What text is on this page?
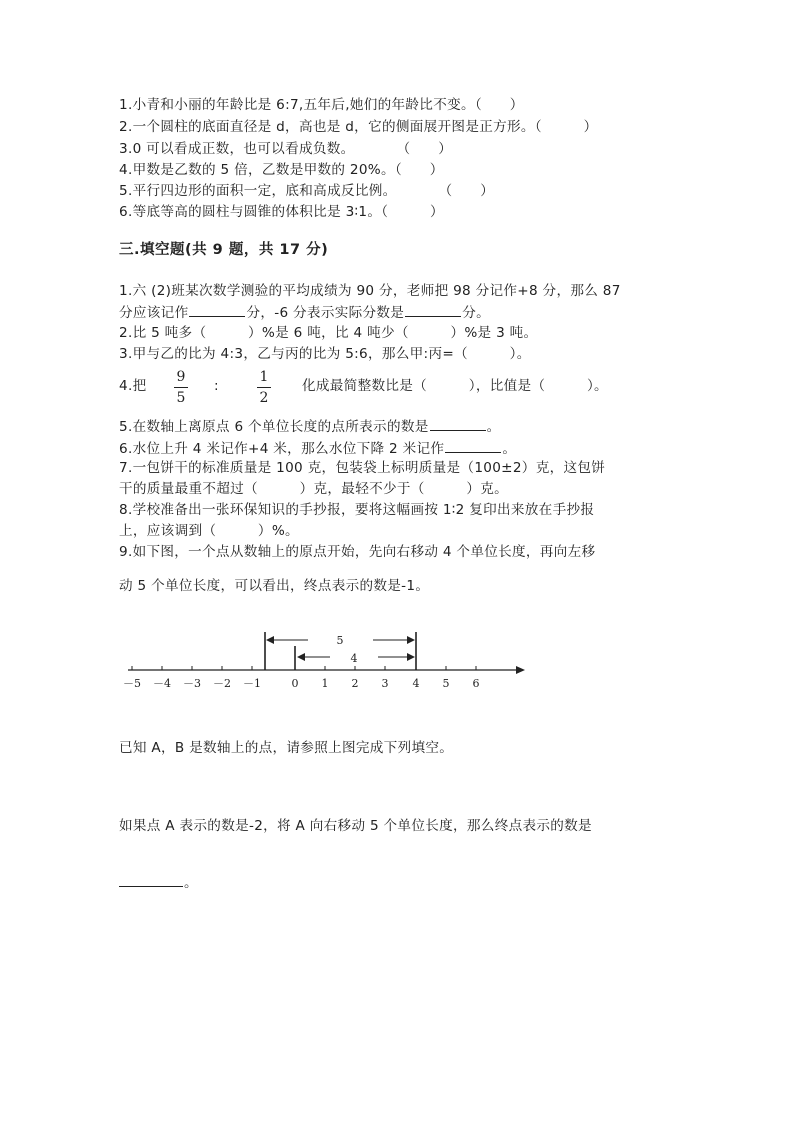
1.小青和小丽的年龄比是 6:7,五年后,她们的年龄比不变。（　　）
2.一个圆柱的底面直径是 d，高也是 d，它的侧面展开图是正方形。（　　　）
3.0 可以看成正数，也可以看成负数。　　　　（　　）
4.甲数是乙数的 5 倍，乙数是甲数的 20%。（　　）
5.平行四边形的面积一定，底和高成反比例。　　　　（　　）
6.等底等高的圆柱与圆锥的体积比是 3∶1。（　　　）
三.填空题(共 9 题，共 17 分)
1.六 (2)班某次数学测验的平均成绩为 90 分，老师把 98 分记作+8 分，那么 87
分应该记作	分，-6 分表示实际分数是	分。
2.比 5 吨多（　　　）%是 6 吨，比 4 吨少（　　　）%是 3 吨。
3.甲与乙的比为 4:3，乙与丙的比为 5:6，那么甲:丙=（　　　）。
4.把
9
5
:
1
2
化成最简整数比是（　　　），比值是（　　　）。
5.在数轴上离原点 6 个单位长度的点所表示的数是	。
6.水位上升 4 米记作+4 米，那么水位下降 2 米记作	。
7.一包饼干的标准质量是 100 克，包装袋上标明质量是（100±2）克，这包饼
干的质量最重不超过（　　　）克，最轻不少于（　　　）克。
8.学校准备出一张环保知识的手抄报，要将这幅画按 1∶2 复印出来放在手抄报
上，应该调到（　　　）%。
9.如下图，一个点从数轴上的原点开始，先向右移动 4 个单位长度，再向左移
动 5 个单位长度，可以看出，终点表示的数是-1。
5
4
－5 －4 －3 －2 －1	0 1 2 3 4 5 6
已知 A，B 是数轴上的点，请参照上图完成下列填空。
如果点 A 表示的数是-2，将 A 向右移动 5 个单位长度，那么终点表示的数是
。
